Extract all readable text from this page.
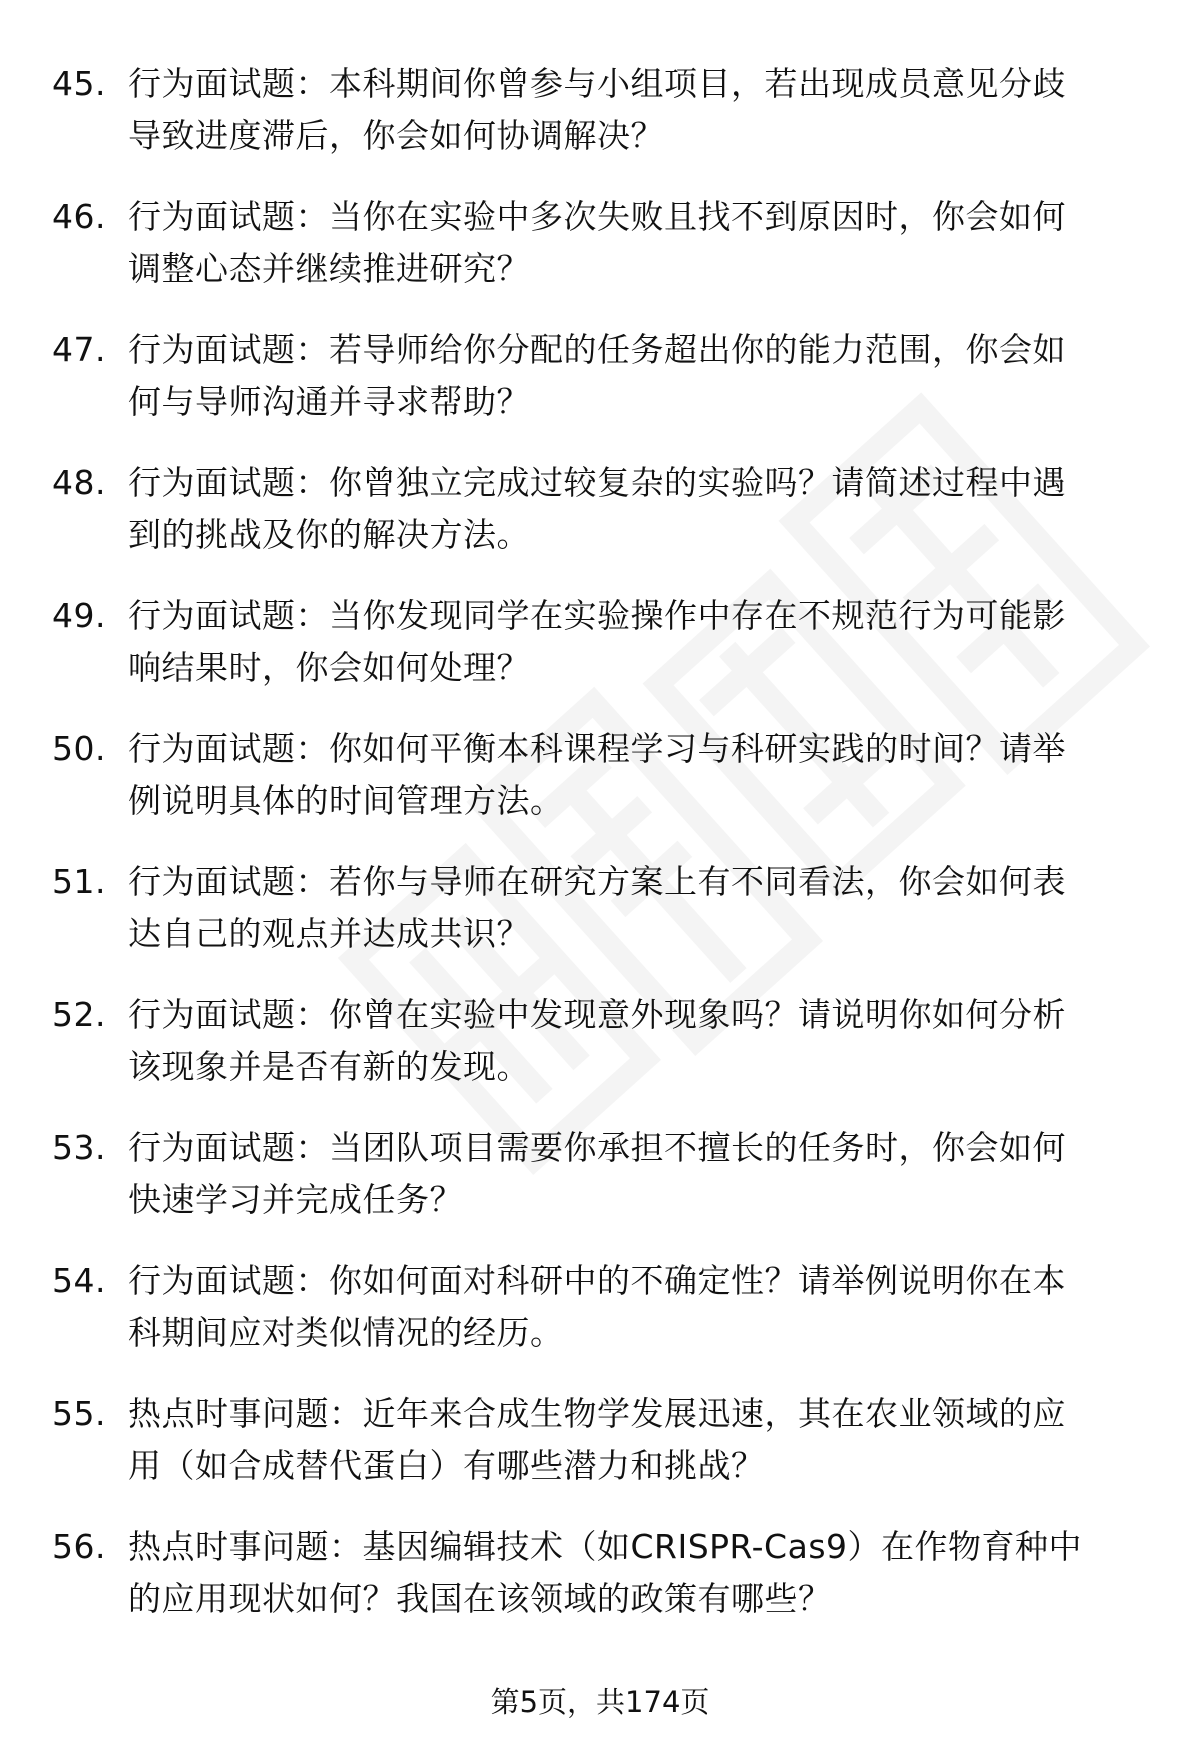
45. 行为面试题：本科期间你曾参与小组项目，若出现成员意见分歧
导致进度滞后，你会如何协调解决？
46. 行为面试题：当你在实验中多次失败且找不到原因时，你会如何
调整心态并继续推进研究？
47. 行为面试题：若导师给你分配的任务超出你的能力范围，你会如
何与导师沟通并寻求帮助？
48. 行为面试题：你曾独立完成过较复杂的实验吗？请简述过程中遇
到的挑战及你的解决方法。
49. 行为面试题：当你发现同学在实验操作中存在不规范行为可能影
响结果时，你会如何处理？
50. 行为面试题：你如何平衡本科课程学习与科研实践的时间？请举
例说明具体的时间管理方法。
51. 行为面试题：若你与导师在研究方案上有不同看法，你会如何表
达自己的观点并达成共识？
52. 行为面试题：你曾在实验中发现意外现象吗？请说明你如何分析
该现象并是否有新的发现。
53. 行为面试题：当团队项目需要你承担不擅长的任务时，你会如何
快速学习并完成任务？
54. 行为面试题：你如何面对科研中的不确定性？请举例说明你在本
科期间应对类似情况的经历。
55. 热点时事问题：近年来合成生物学发展迅速，其在农业领域的应
用（如合成替代蛋白）有哪些潜力和挑战？
56. 热点时事问题：基因编辑技术（如CRISPR-Cas9）在作物育种中
的应用现状如何？我国在该领域的政策有哪些？
第5页，共174页
